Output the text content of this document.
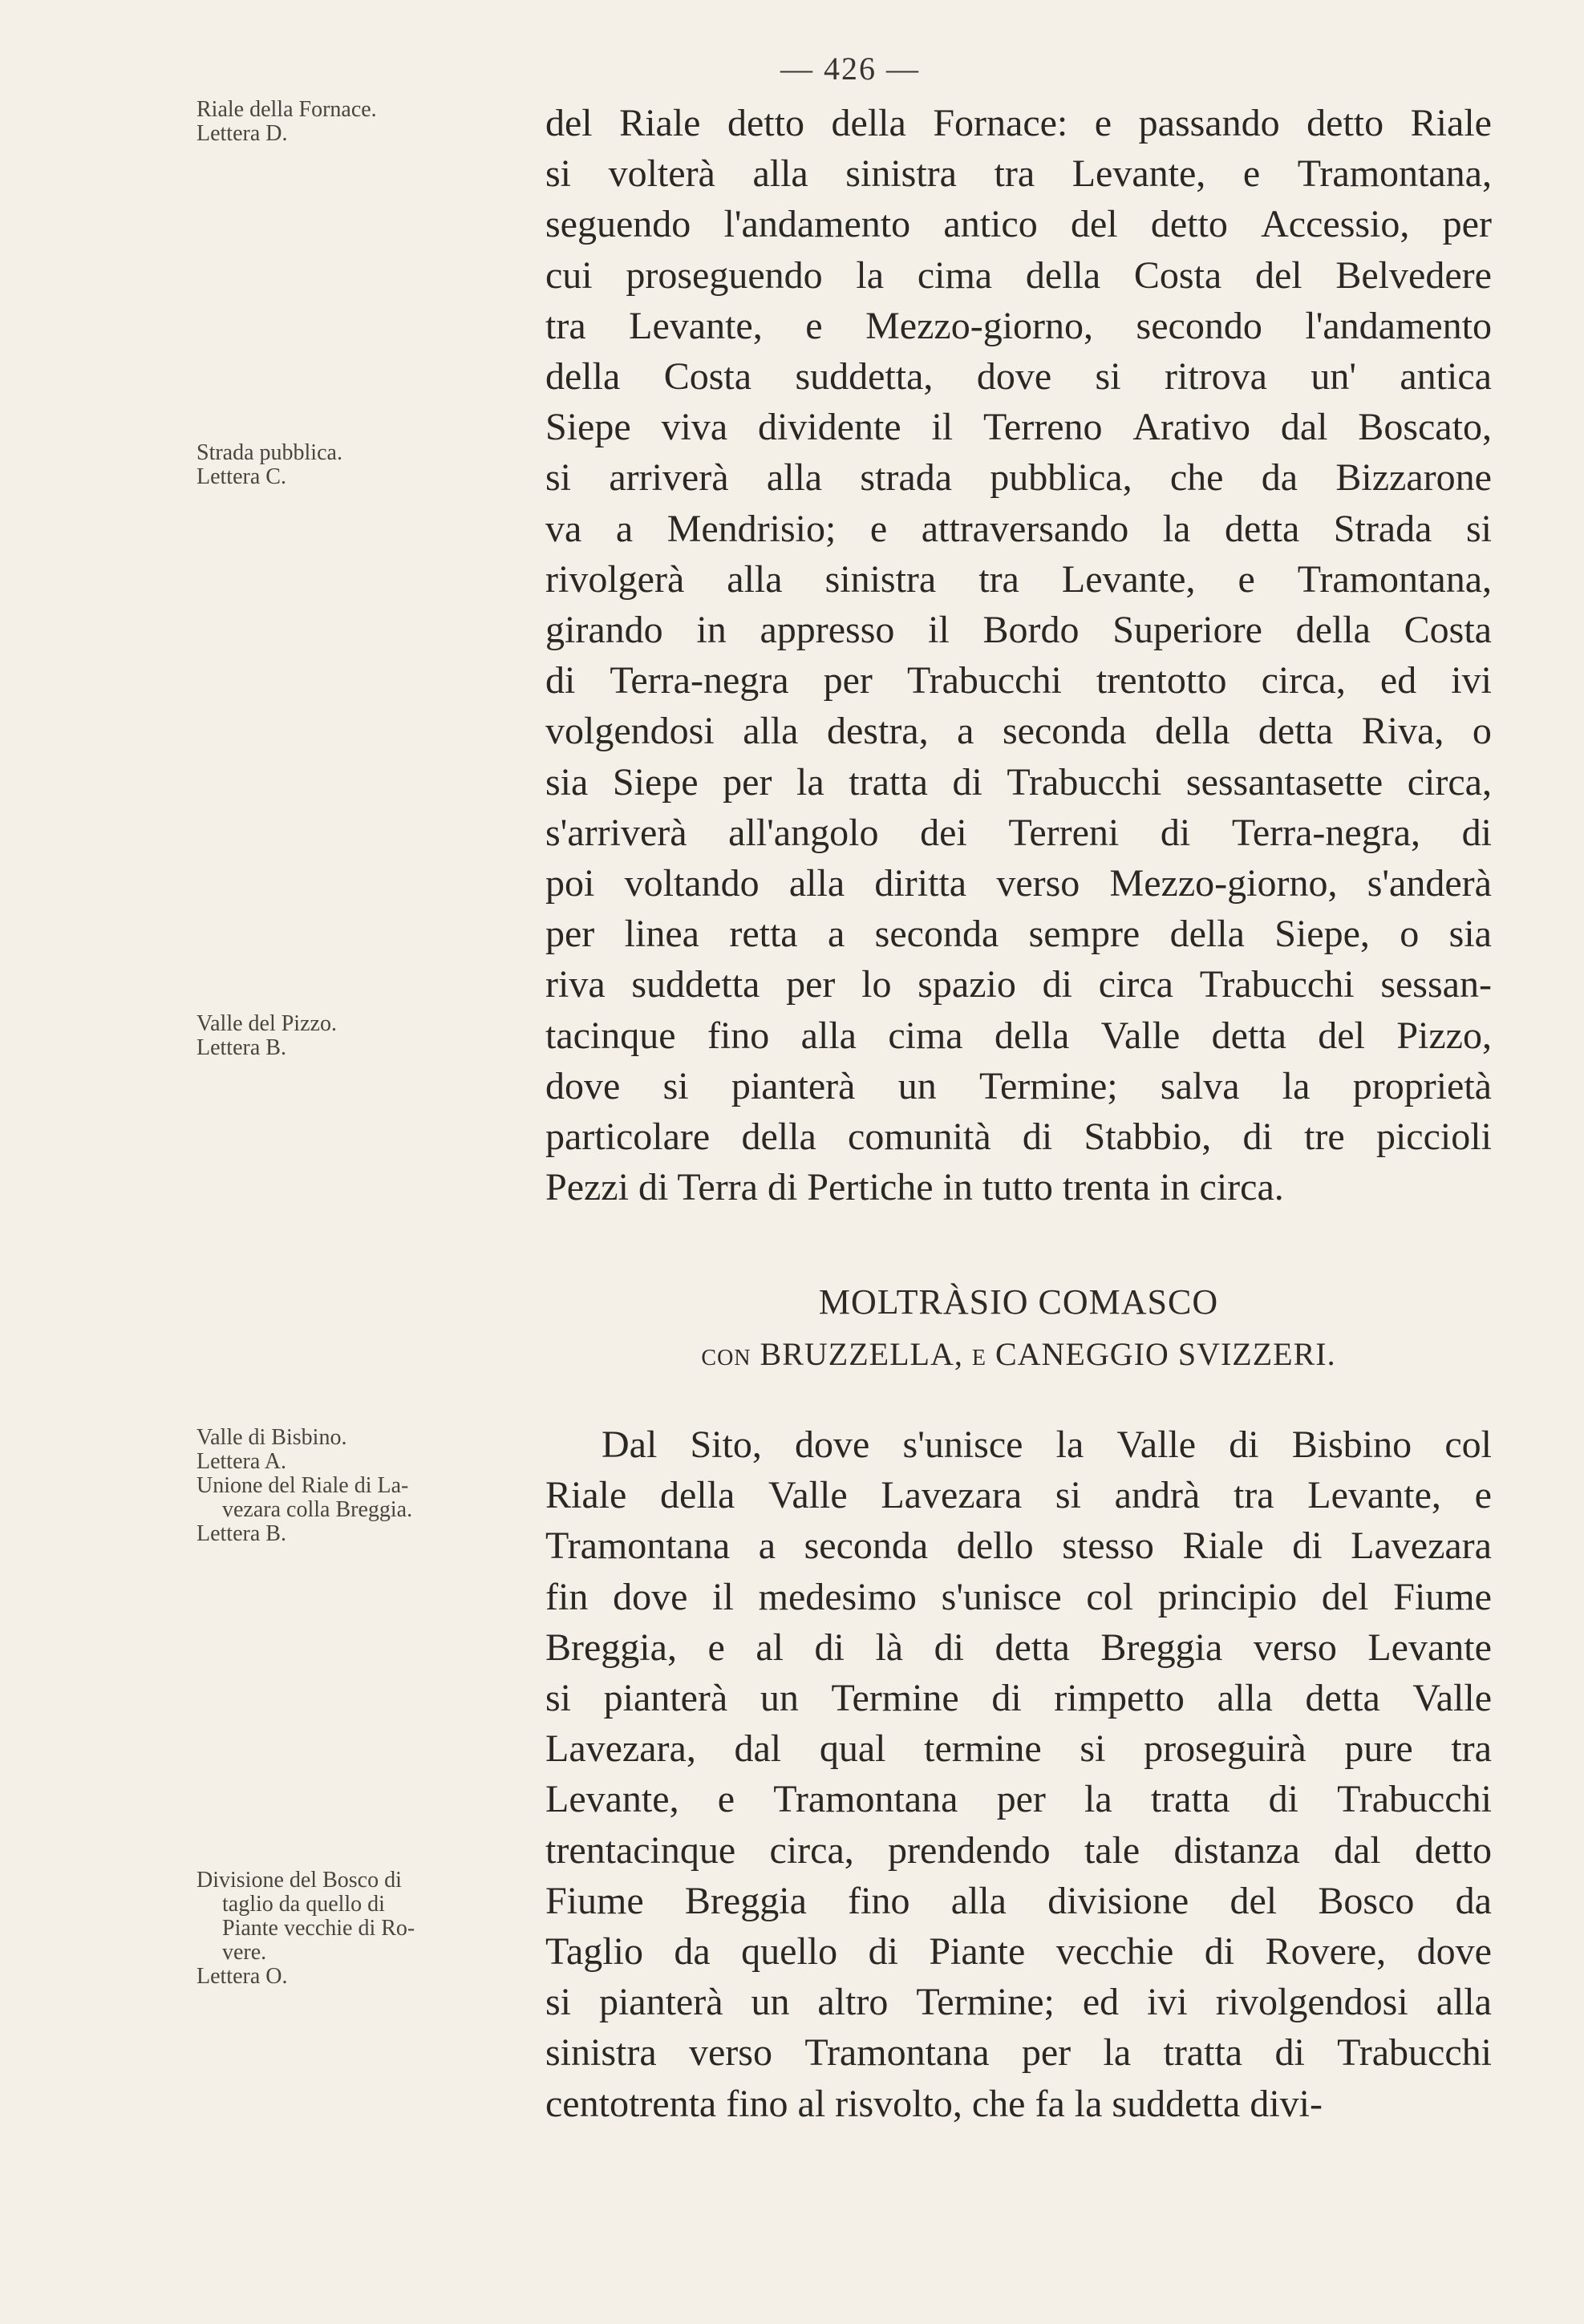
— 426 —
Riale della Fornace.
Lettera D.
Strada pubblica.
Lettera C.
Valle del Pizzo.
Lettera B.
Valle di Bisbino.
Lettera A.
Unione del Riale di La-
vezara colla Breggia.
Lettera B.
Divisione del Bosco di
taglio da quello di
Piante vecchie di Ro-
vere.
Lettera O.
del Riale detto della Fornace: e passando detto Riale
si volterà alla sinistra tra Levante, e Tramontana,
seguendo l'andamento antico del detto Accessio, per
cui proseguendo la cima della Costa del Belvedere
tra Levante, e Mezzo-giorno, secondo l'andamento
della Costa suddetta, dove si ritrova un' antica
Siepe viva dividente il Terreno Arativo dal Boscato,
si arriverà alla strada pubblica, che da Bizzarone
va a Mendrisio; e attraversando la detta Strada si
rivolgerà alla sinistra tra Levante, e Tramontana,
girando in appresso il Bordo Superiore della Costa
di Terra-negra per Trabucchi trentotto circa, ed ivi
volgendosi alla destra, a seconda della detta Riva, o
sia Siepe per la tratta di Trabucchi sessantasette circa,
s'arriverà all'angolo dei Terreni di Terra-negra, di
poi voltando alla diritta verso Mezzo-giorno, s'anderà
per linea retta a seconda sempre della Siepe, o sia
riva suddetta per lo spazio di circa Trabucchi sessan-
tacinque fino alla cima della Valle detta del Pizzo,
dove si pianterà un Termine; salva la proprietà
particolare della comunità di Stabbio, di tre piccioli
Pezzi di Terra di Pertiche in tutto trenta in circa.
MOLTRÀSIO COMASCO
CON BRUZZELLA, E CANEGGIO SVIZZERI.
Dal Sito, dove s'unisce la Valle di Bisbino col
Riale della Valle Lavezara si andrà tra Levante, e
Tramontana a seconda dello stesso Riale di Lavezara
fin dove il medesimo s'unisce col principio del Fiume
Breggia, e al di là di detta Breggia verso Levante
si pianterà un Termine di rimpetto alla detta Valle
Lavezara, dal qual termine si proseguirà pure tra
Levante, e Tramontana per la tratta di Trabucchi
trentacinque circa, prendendo tale distanza dal detto
Fiume Breggia fino alla divisione del Bosco da
Taglio da quello di Piante vecchie di Rovere, dove
si pianterà un altro Termine; ed ivi rivolgendosi alla
sinistra verso Tramontana per la tratta di Trabucchi
centotrenta fino al risvolto, che fa la suddetta divi-
